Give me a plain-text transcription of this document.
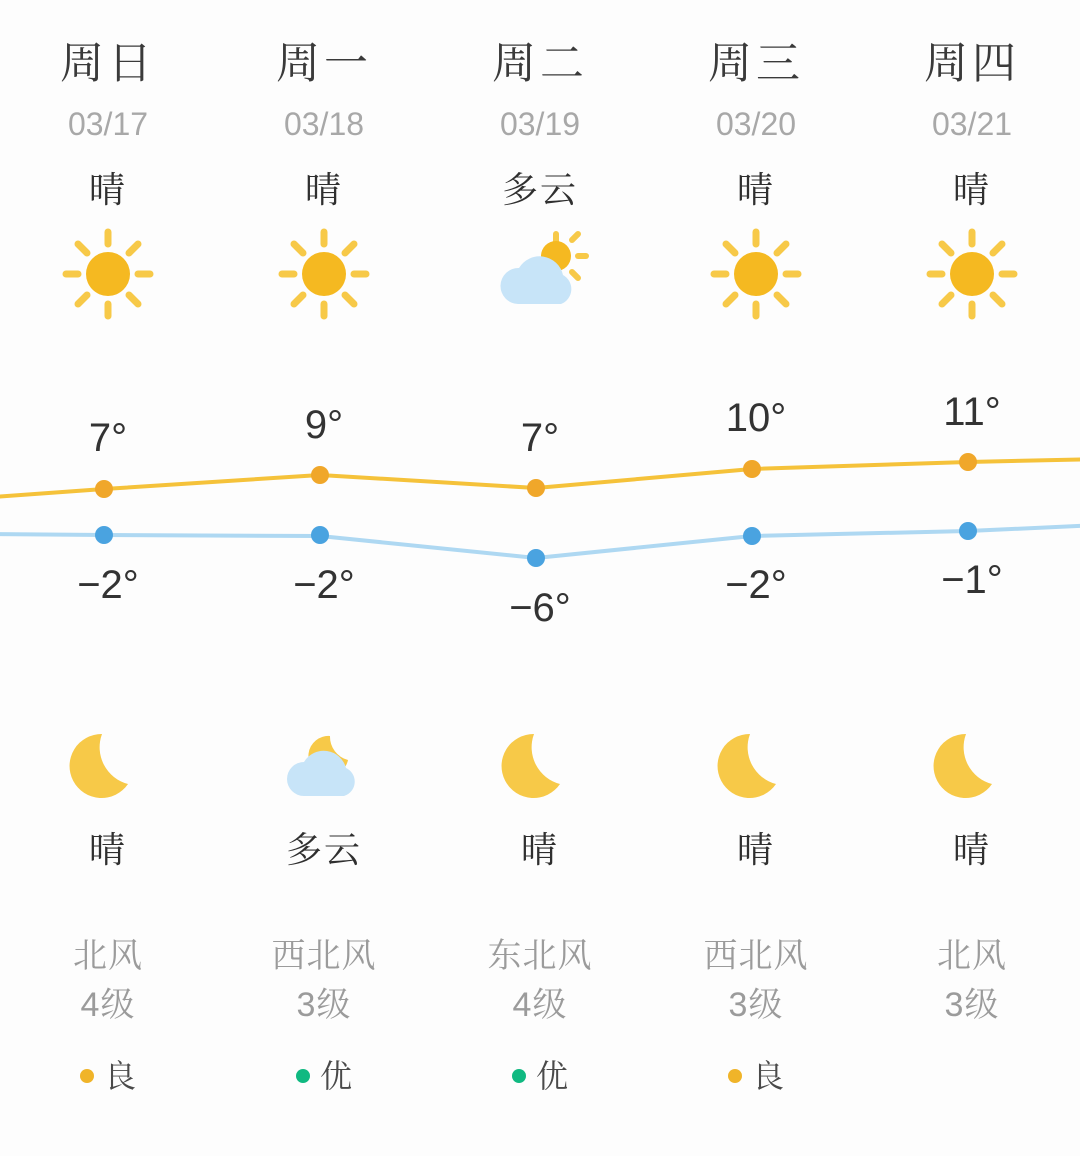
周日
03/17
晴
7°
−2°
晴
北风
4级
良
周一
03/18
晴
9°
−2°
多云
西北风
3级
优
周二
03/19
多云
7°
−6°
晴
东北风
4级
优
周三
03/20
晴
10°
−2°
晴
西北风
3级
良
周四
03/21
晴
11°
−1°
晴
北风
3级
